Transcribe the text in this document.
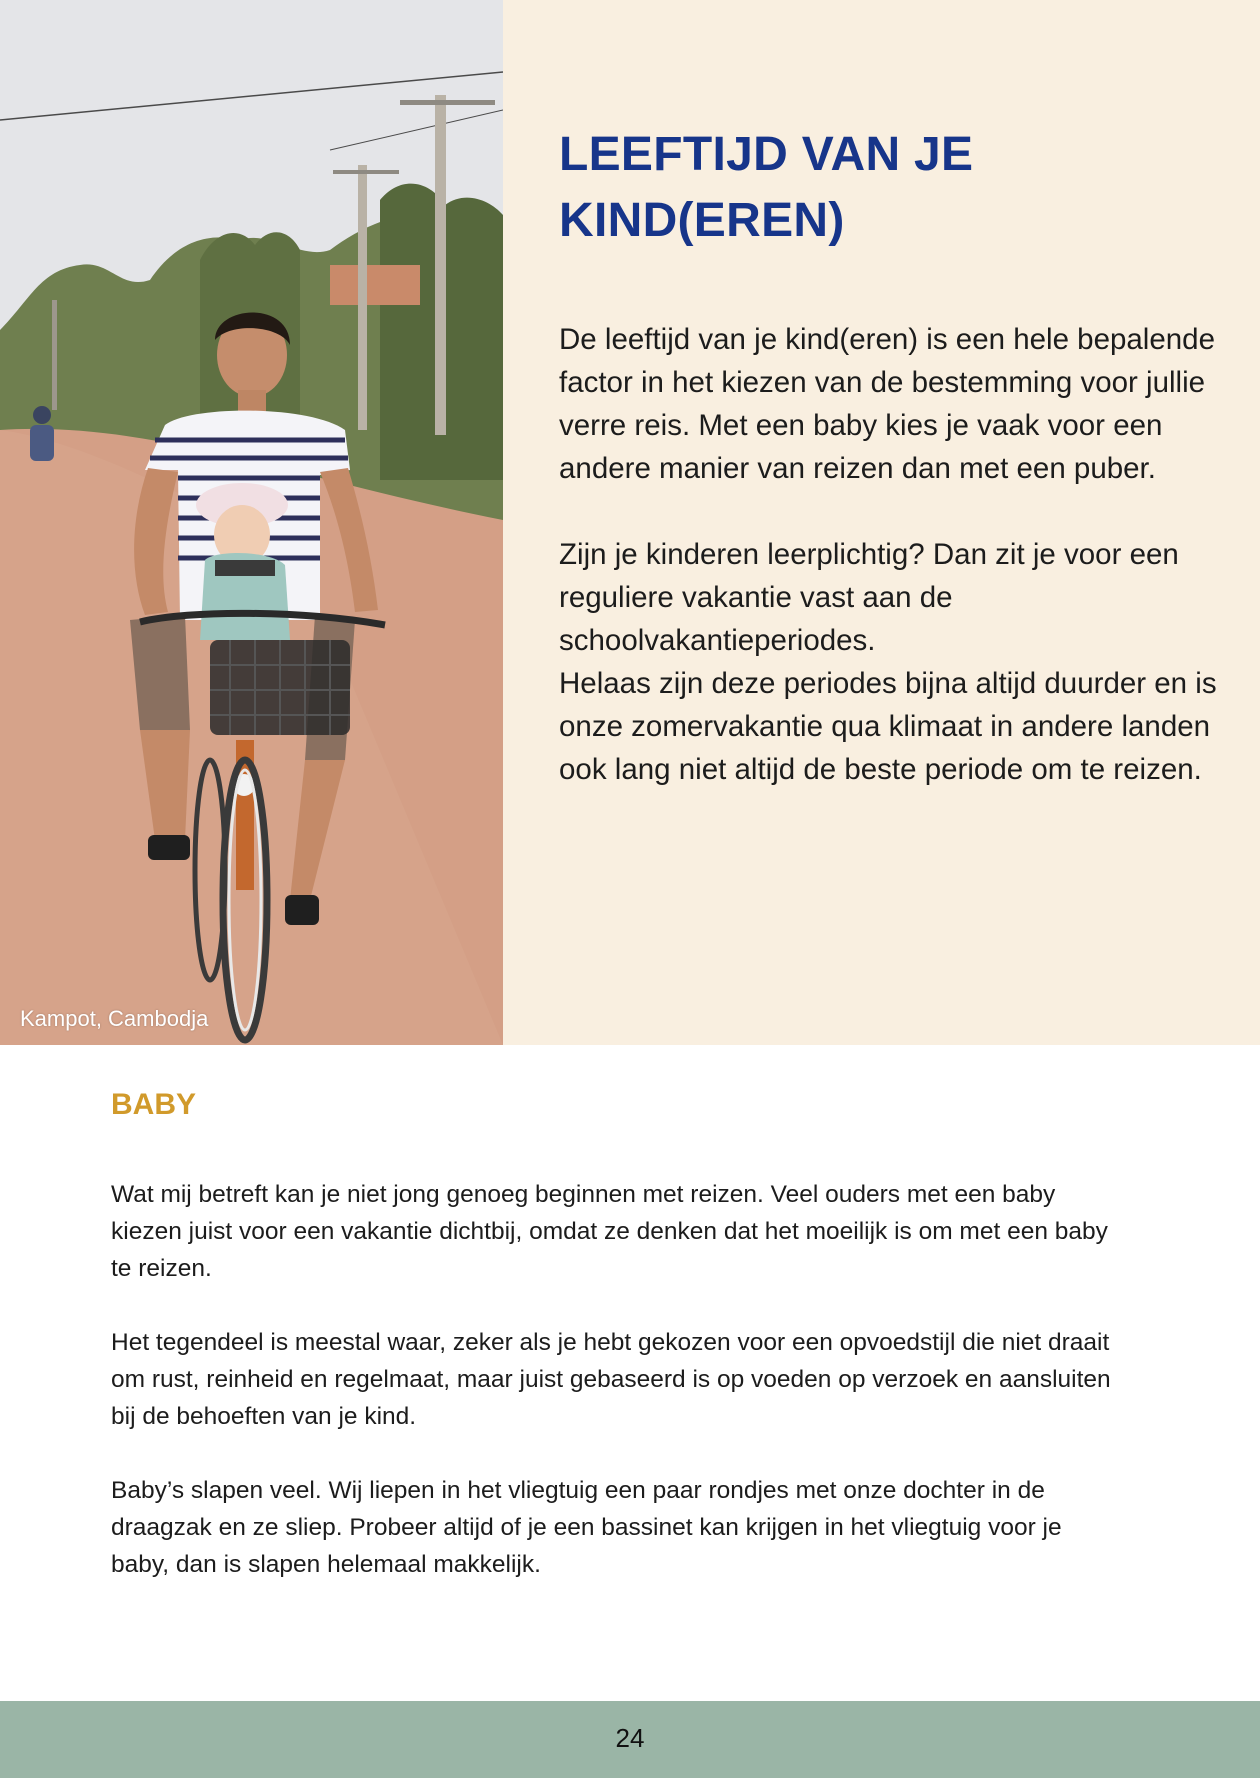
Kampot, Cambodja
LEEFTIJD VAN JE
KIND(EREN)

De leeftijd van je kind(eren) is een hele bepalende factor in het kiezen van de bestemming voor jullie verre reis. Met een baby kies je vaak voor een andere manier van reizen dan met een puber.

Zijn je kinderen leerplichtig? Dan zit je voor een reguliere vakantie vast aan de schoolvakantieperiodes.
Helaas zijn deze periodes bijna altijd duurder en is onze zomervakantie qua klimaat in andere landen ook lang niet altijd de beste periode om te reizen.

BABY

Wat mij betreft kan je niet jong genoeg beginnen met reizen. Veel ouders met een baby kiezen juist voor een vakantie dichtbij, omdat ze denken dat het moeilijk is om met een baby te reizen.

Het tegendeel is meestal waar, zeker als je hebt gekozen voor een opvoedstijl die niet draait om rust, reinheid en regelmaat, maar juist gebaseerd is op voeden op verzoek en aansluiten bij de behoeften van je kind.

Baby’s slapen veel. Wij liepen in het vliegtuig een paar rondjes met onze dochter in de draagzak en ze sliep. Probeer altijd of je een bassinet kan krijgen in het vliegtuig voor je baby, dan is slapen helemaal makkelijk.

24
